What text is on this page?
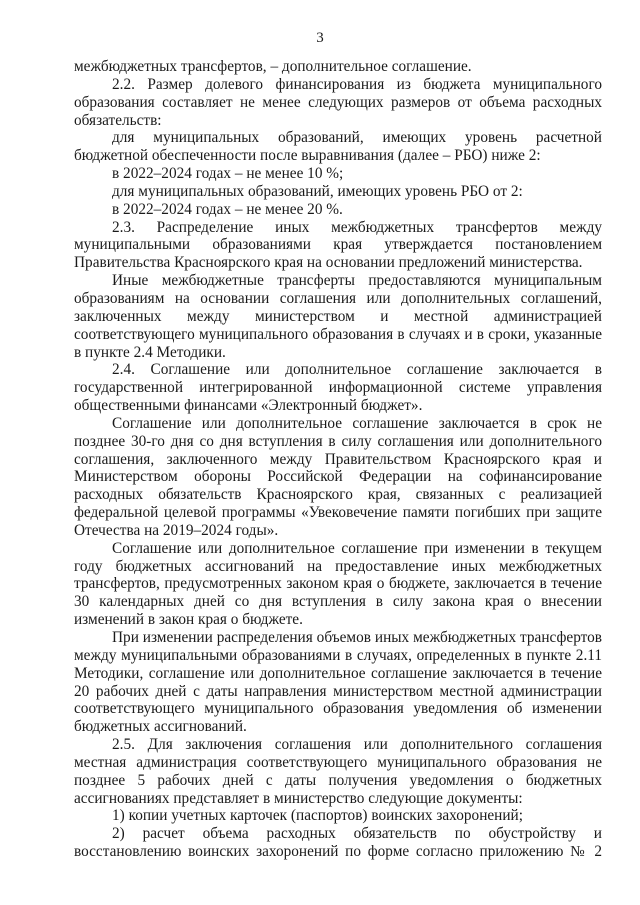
3

межбюджетных трансфертов, – дополнительное соглашение.

2.2. Размер долевого финансирования из бюджета муниципального образования составляет не менее следующих размеров от объема расходных обязательств:

для муниципальных образований, имеющих уровень расчетной бюджетной обеспеченности после выравнивания (далее – РБО) ниже 2:

в 2022–2024 годах – не менее 10 %;

для муниципальных образований, имеющих уровень РБО от 2:

в 2022–2024 годах – не менее 20 %.

2.3. Распределение иных межбюджетных трансфертов между муниципальными образованиями края утверждается постановлением Правительства Красноярского края на основании предложений министерства.

Иные межбюджетные трансферты предоставляются муниципальным образованиям на основании соглашения или дополнительных соглашений, заключенных между министерством и местной администрацией соответствующего муниципального образования в случаях и в сроки, указанные в пункте 2.4 Методики.

2.4. Соглашение или дополнительное соглашение заключается в государственной интегрированной информационной системе управления общественными финансами «Электронный бюджет».

Соглашение или дополнительное соглашение заключается в срок не позднее 30-го дня со дня вступления в силу соглашения или дополнительного соглашения, заключенного между Правительством Красноярского края и Министерством обороны Российской Федерации на софинансирование расходных обязательств Красноярского края, связанных с реализацией федеральной целевой программы «Увековечение памяти погибших при защите Отечества на 2019–2024 годы».

Соглашение или дополнительное соглашение при изменении в текущем году бюджетных ассигнований на предоставление иных межбюджетных трансфертов, предусмотренных законом края о бюджете, заключается в течение 30 календарных дней со дня вступления в силу закона края о внесении изменений в закон края о бюджете.

При изменении распределения объемов иных межбюджетных трансфертов между муниципальными образованиями в случаях, определенных в пункте 2.11 Методики, соглашение или дополнительное соглашение заключается в течение 20 рабочих дней с даты направления министерством местной администрации соответствующего муниципального образования уведомления об изменении бюджетных ассигнований.

2.5. Для заключения соглашения или дополнительного соглашения местная администрация соответствующего муниципального образования не позднее 5 рабочих дней с даты получения уведомления о бюджетных ассигнованиях представляет в министерство следующие документы:

1) копии учетных карточек (паспортов) воинских захоронений;

2) расчет объема расходных обязательств по обустройству и восстановлению воинских захоронений по форме согласно приложению № 2
